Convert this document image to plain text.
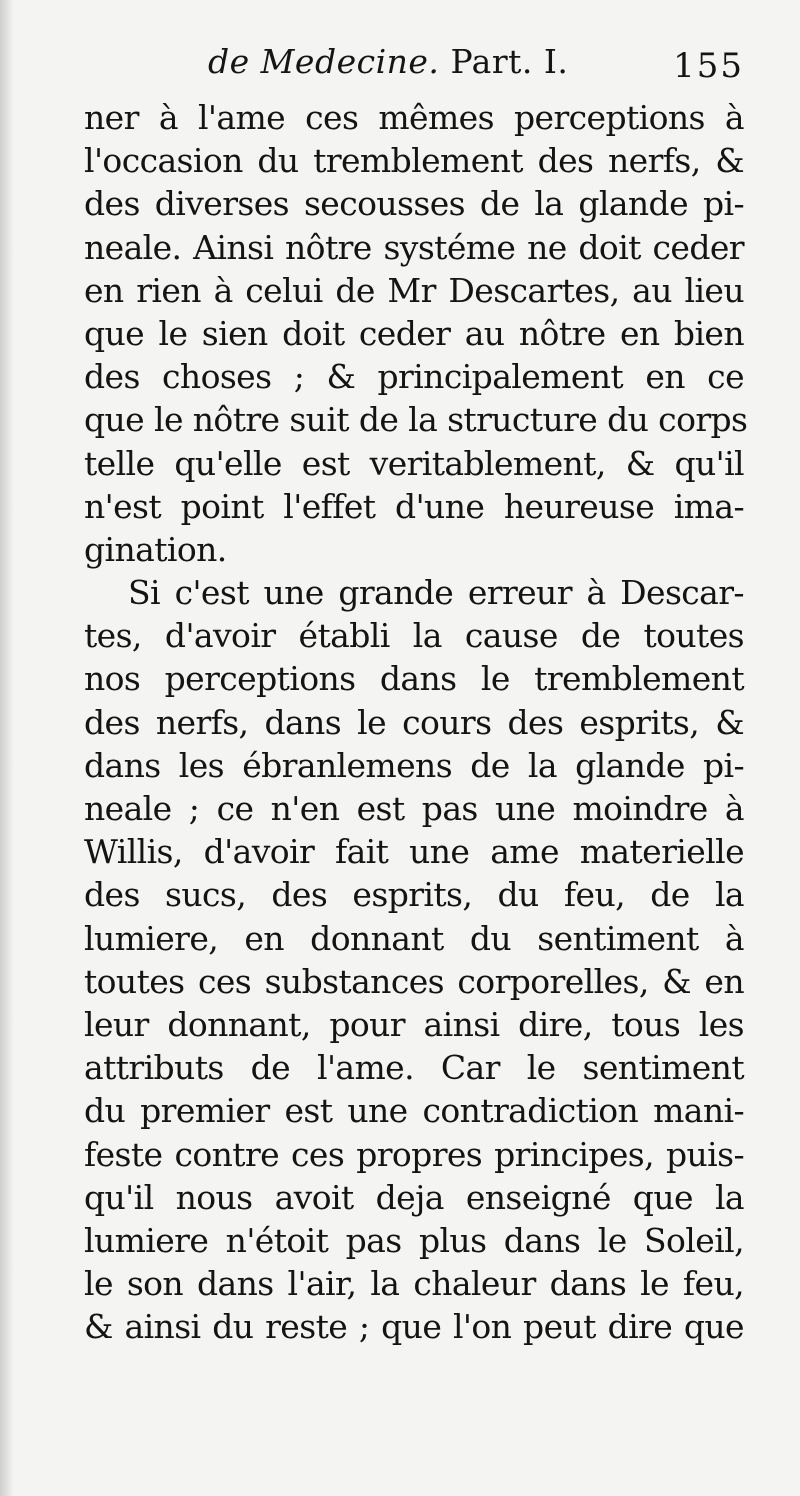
de Medecine. Part. I.	155
ner à l'ame ces mêmes perceptions à
l'occasion du tremblement des nerfs, &
des diverses secousses de la glande pi-
neale. Ainsi nôtre systéme ne doit ceder
en rien à celui de Mr Descartes, au lieu
que le sien doit ceder au nôtre en bien
des choses ; & principalement en ce
que le nôtre suit de la structure du corps
telle qu'elle est veritablement, & qu'il
n'est point l'effet d'une heureuse ima-
gination.
Si c'est une grande erreur à Descar-
tes, d'avoir établi la cause de toutes
nos perceptions dans le tremblement
des nerfs, dans le cours des esprits, &
dans les ébranlemens de la glande pi-
neale ; ce n'en est pas une moindre à
Willis, d'avoir fait une ame materielle
des sucs, des esprits, du feu, de la
lumiere, en donnant du sentiment à
toutes ces substances corporelles, & en
leur donnant, pour ainsi dire, tous les
attributs de l'ame. Car le sentiment
du premier est une contradiction mani-
feste contre ces propres principes, puis-
qu'il nous avoit deja enseigné que la
lumiere n'étoit pas plus dans le Soleil,
le son dans l'air, la chaleur dans le feu,
& ainsi du reste ; que l'on peut dire que
